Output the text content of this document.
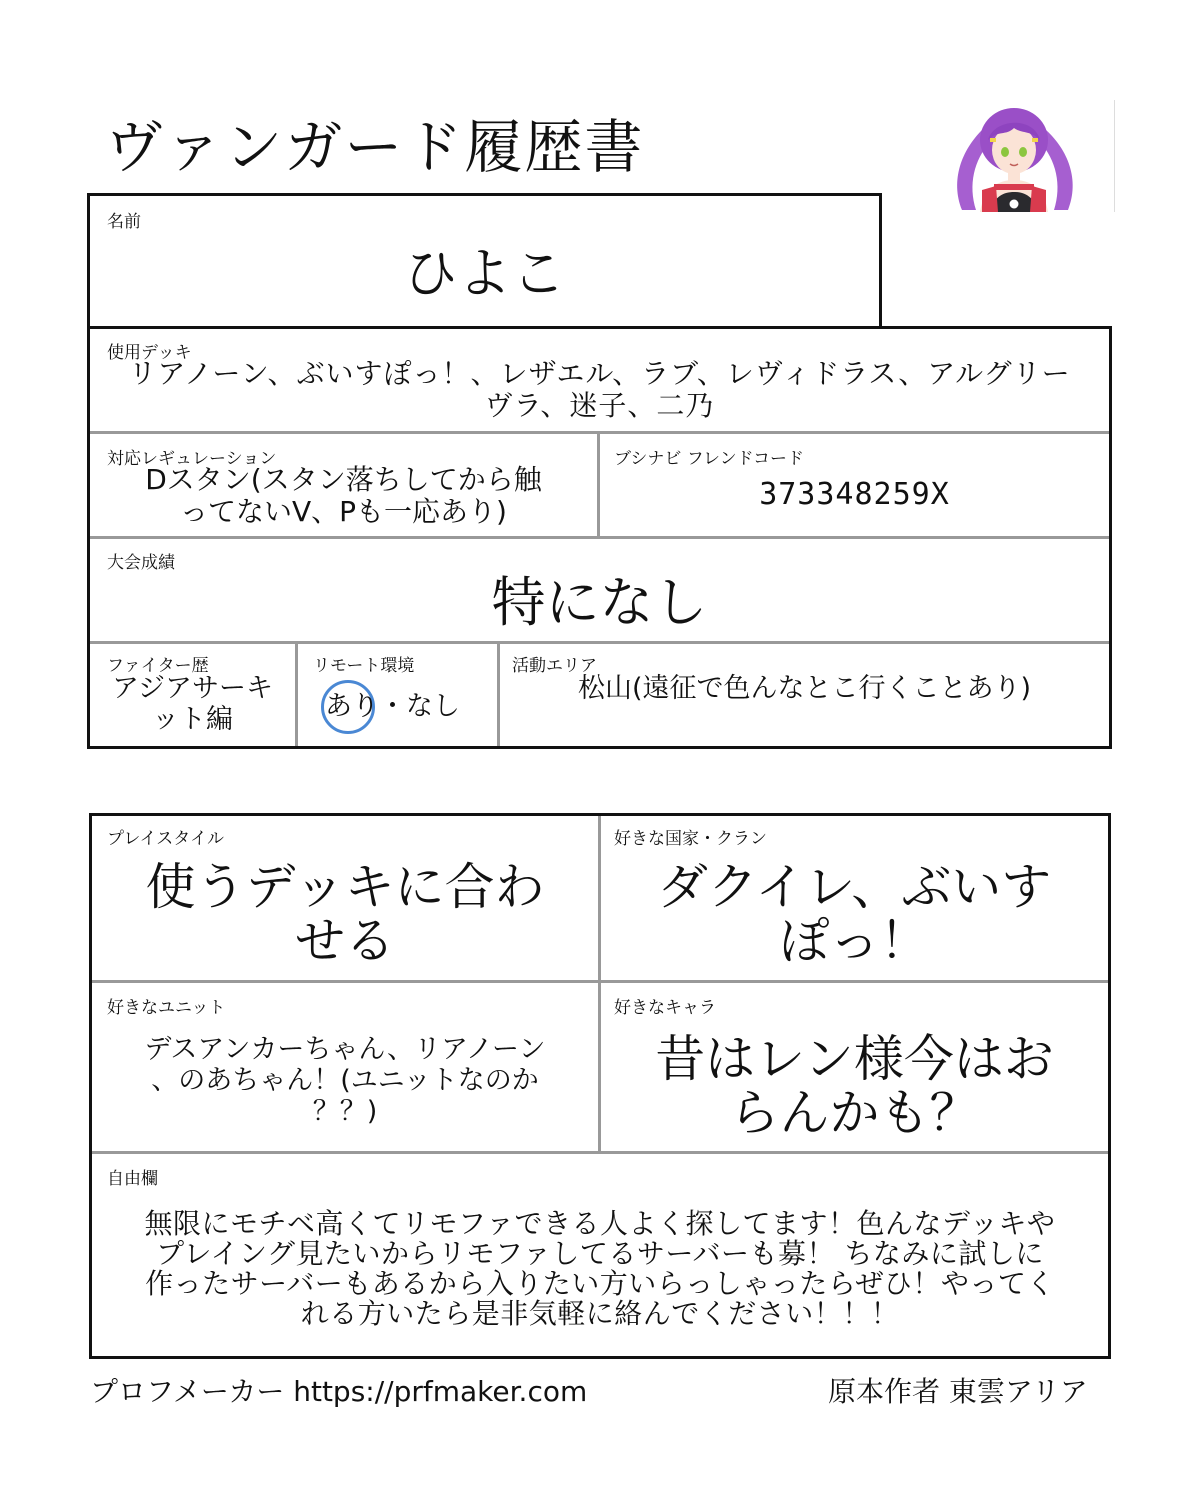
ヴァンガード履歴書
名前
ひよこ
使用デッキ
リアノーン、ぶいすぽっ！、レザエル、ラブ、レヴィドラス、アルグリー
ヴラ、迷子、二乃
対応レギュレーション
Dスタン(スタン落ちしてから触
ってないV、Pも一応あり)
ブシナビ フレンドコード
373348259X
大会成績
特になし
ファイター歴
アジアサーキ
ット編
リモート環境
あり・なし
活動エリア
松山(遠征で色んなとこ行くことあり)
プレイスタイル
使うデッキに合わ
せる
好きな国家・クラン
ダクイレ、ぶいす
ぽっ！
好きなユニット
デスアンカーちゃん、リアノーン
、のあちゃん！(ユニットなのか
？？)
好きなキャラ
昔はレン様今はお
らんかも？
自由欄
無限にモチベ高くてリモファできる人よく探してます！色んなデッキや
プレイング見たいからリモファしてるサーバーも募！ ちなみに試しに
作ったサーバーもあるから入りたい方いらっしゃったらぜひ！やってく
れる方いたら是非気軽に絡んでください！！！
プロフメーカー https://prfmaker.com	原本作者 東雲アリア
